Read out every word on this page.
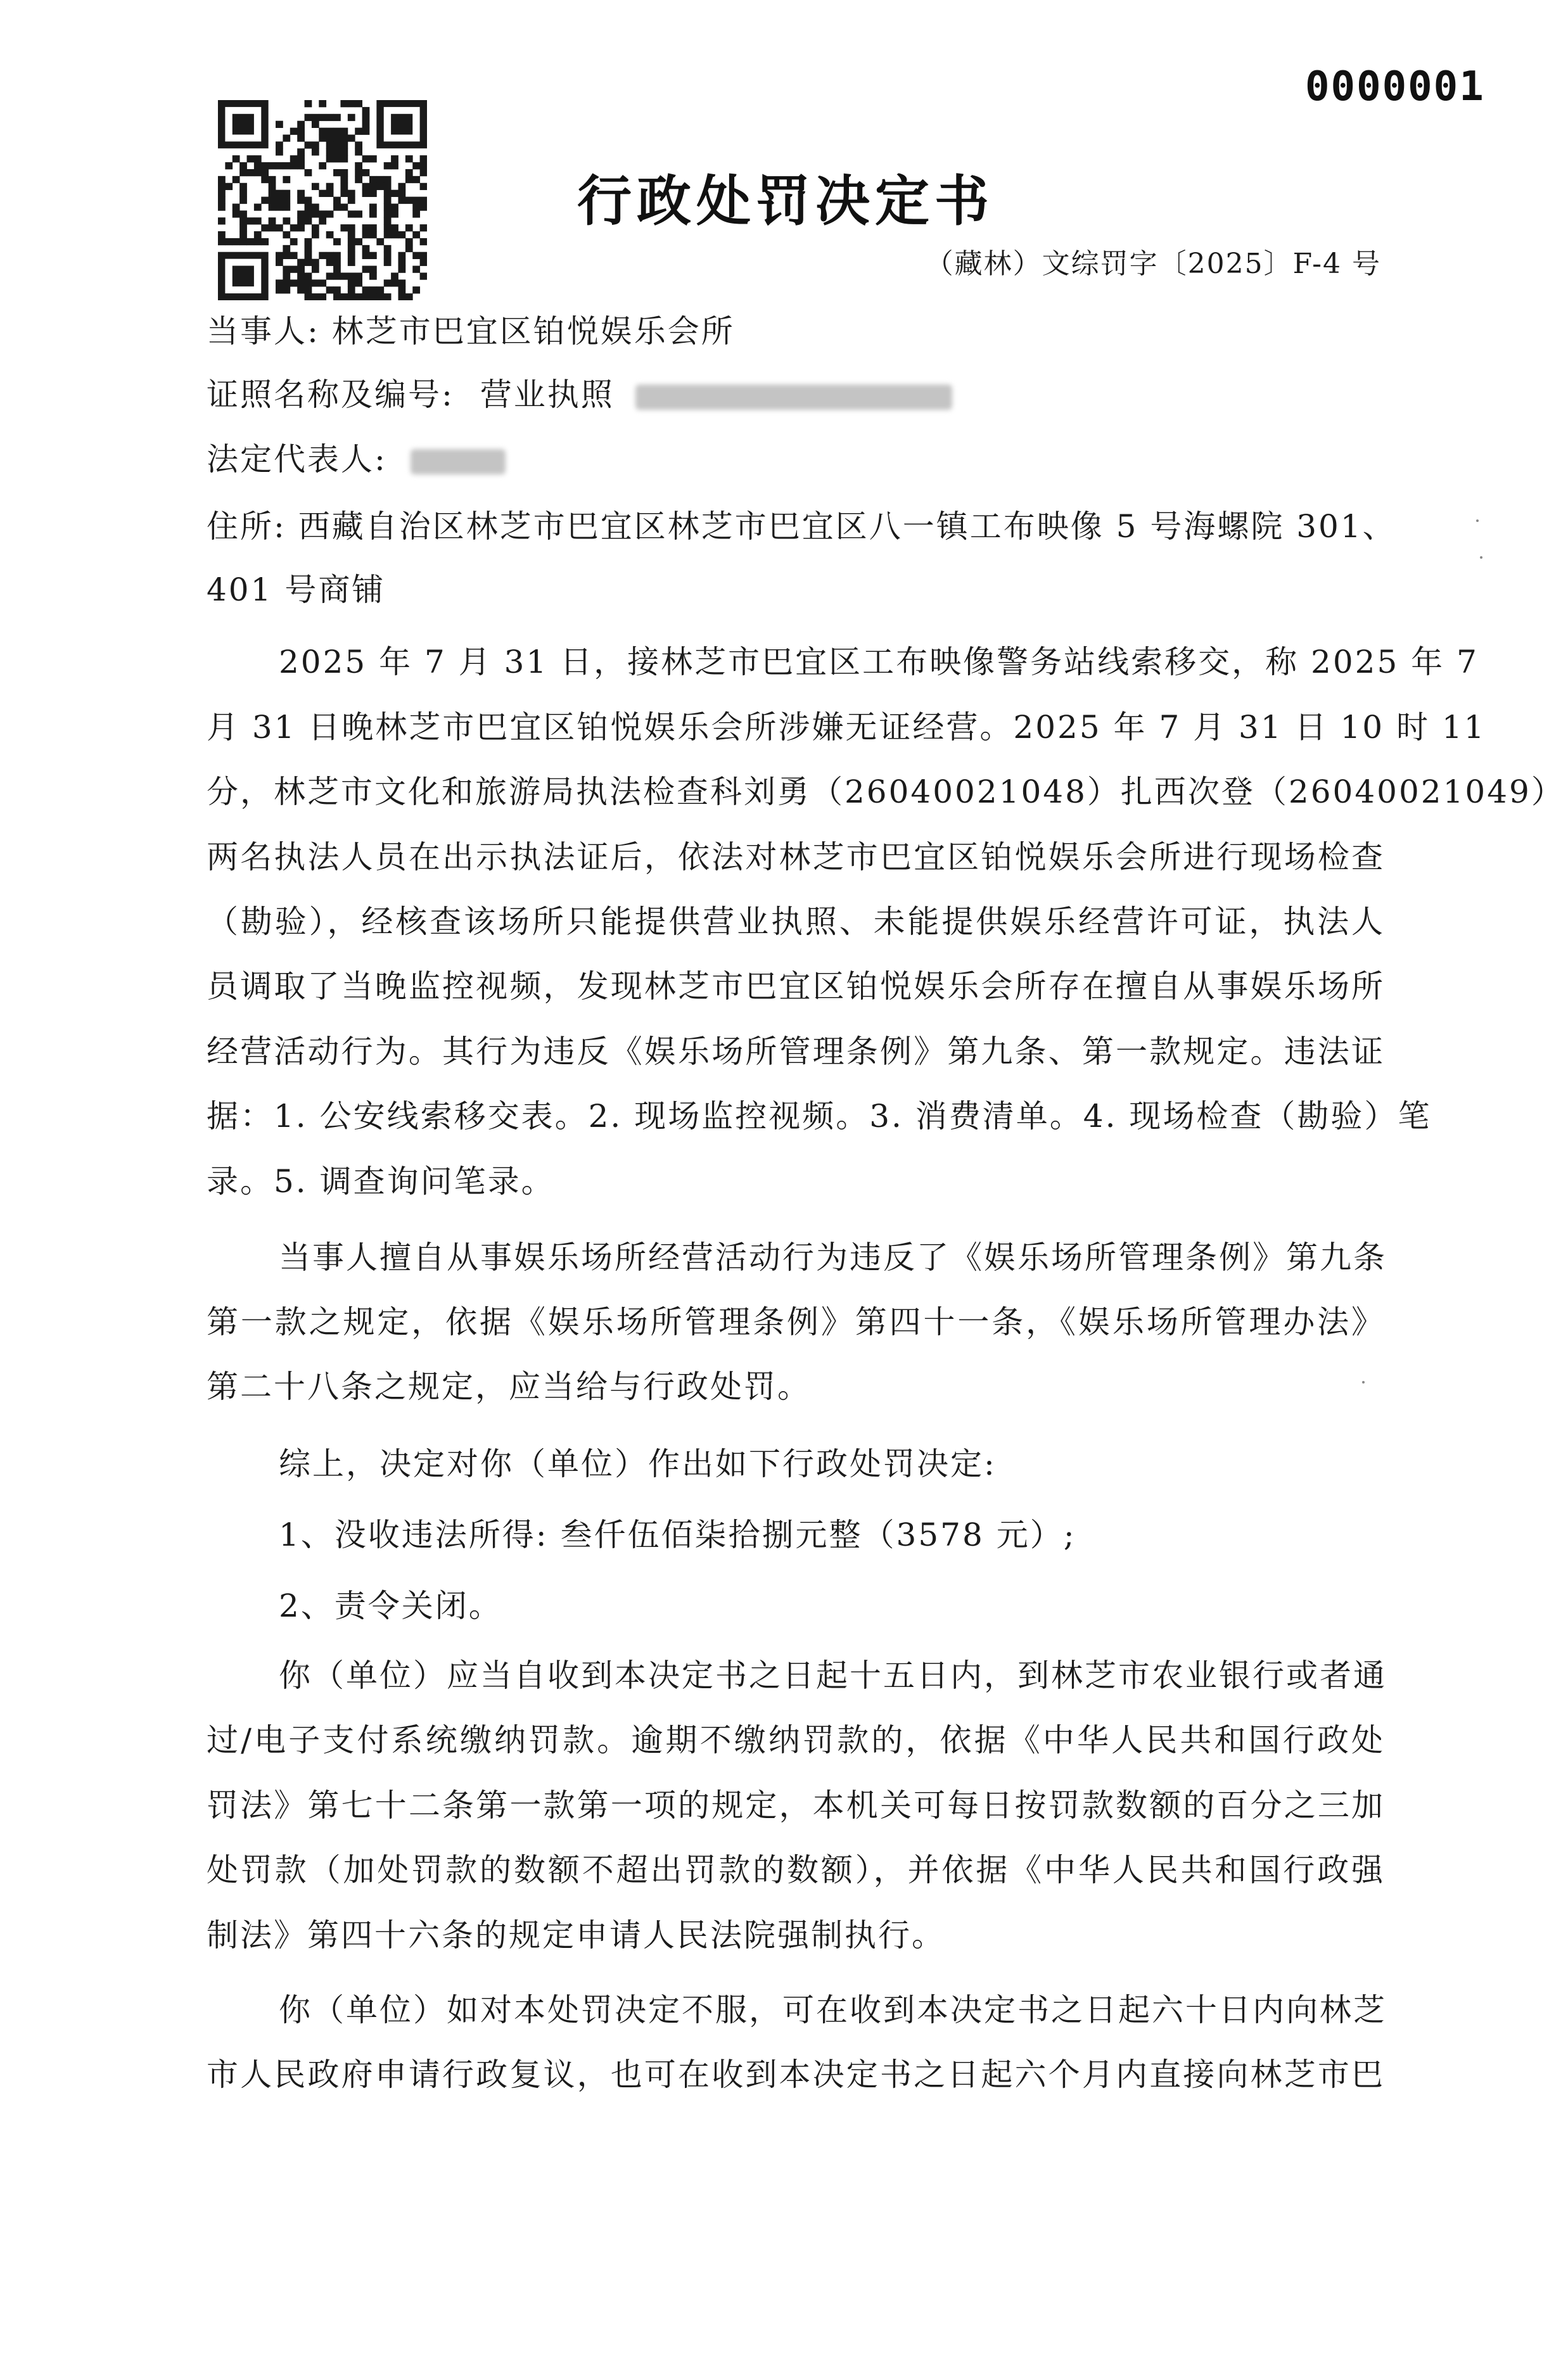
0000001
行政处罚决定书
（藏林）文综罚字〔2025〕F-4 号
当事人: 林芝市巴宜区铂悦娱乐会所
证照名称及编号: 营业执照
法定代表人:
住所: 西藏自治区林芝市巴宜区林芝市巴宜区八一镇工布映像 5 号海螺院 301、
401 号商铺
2025 年 7 月 31 日，接林芝市巴宜区工布映像警务站线索移交，称 2025 年 7
月 31 日晚林芝市巴宜区铂悦娱乐会所涉嫌无证经营。2025 年 7 月 31 日 10 时 11
分，林芝市文化和旅游局执法检查科刘勇（26040021048）扎西次登（26040021049）
两名执法人员在出示执法证后，依法对林芝市巴宜区铂悦娱乐会所进行现场检查
（勘验），经核查该场所只能提供营业执照、未能提供娱乐经营许可证，执法人
员调取了当晚监控视频，发现林芝市巴宜区铂悦娱乐会所存在擅自从事娱乐场所
经营活动行为。其行为违反《娱乐场所管理条例》第九条、第一款规定。违法证
据：1. 公安线索移交表。2. 现场监控视频。3. 消费清单。4. 现场检查（勘验）笔
录。5. 调查询问笔录。
当事人擅自从事娱乐场所经营活动行为违反了《娱乐场所管理条例》第九条
第一款之规定，依据《娱乐场所管理条例》第四十一条，《娱乐场所管理办法》
第二十八条之规定，应当给与行政处罚。
综上，决定对你（单位）作出如下行政处罚决定:
1、没收违法所得: 叁仟伍佰柒拾捌元整（3578 元）;
2、责令关闭。
你（单位）应当自收到本决定书之日起十五日内，到林芝市农业银行或者通
过/电子支付系统缴纳罚款。逾期不缴纳罚款的，依据《中华人民共和国行政处
罚法》第七十二条第一款第一项的规定，本机关可每日按罚款数额的百分之三加
处罚款（加处罚款的数额不超出罚款的数额），并依据《中华人民共和国行政强
制法》第四十六条的规定申请人民法院强制执行。
你（单位）如对本处罚决定不服，可在收到本决定书之日起六十日内向林芝
市人民政府申请行政复议，也可在收到本决定书之日起六个月内直接向林芝市巴
